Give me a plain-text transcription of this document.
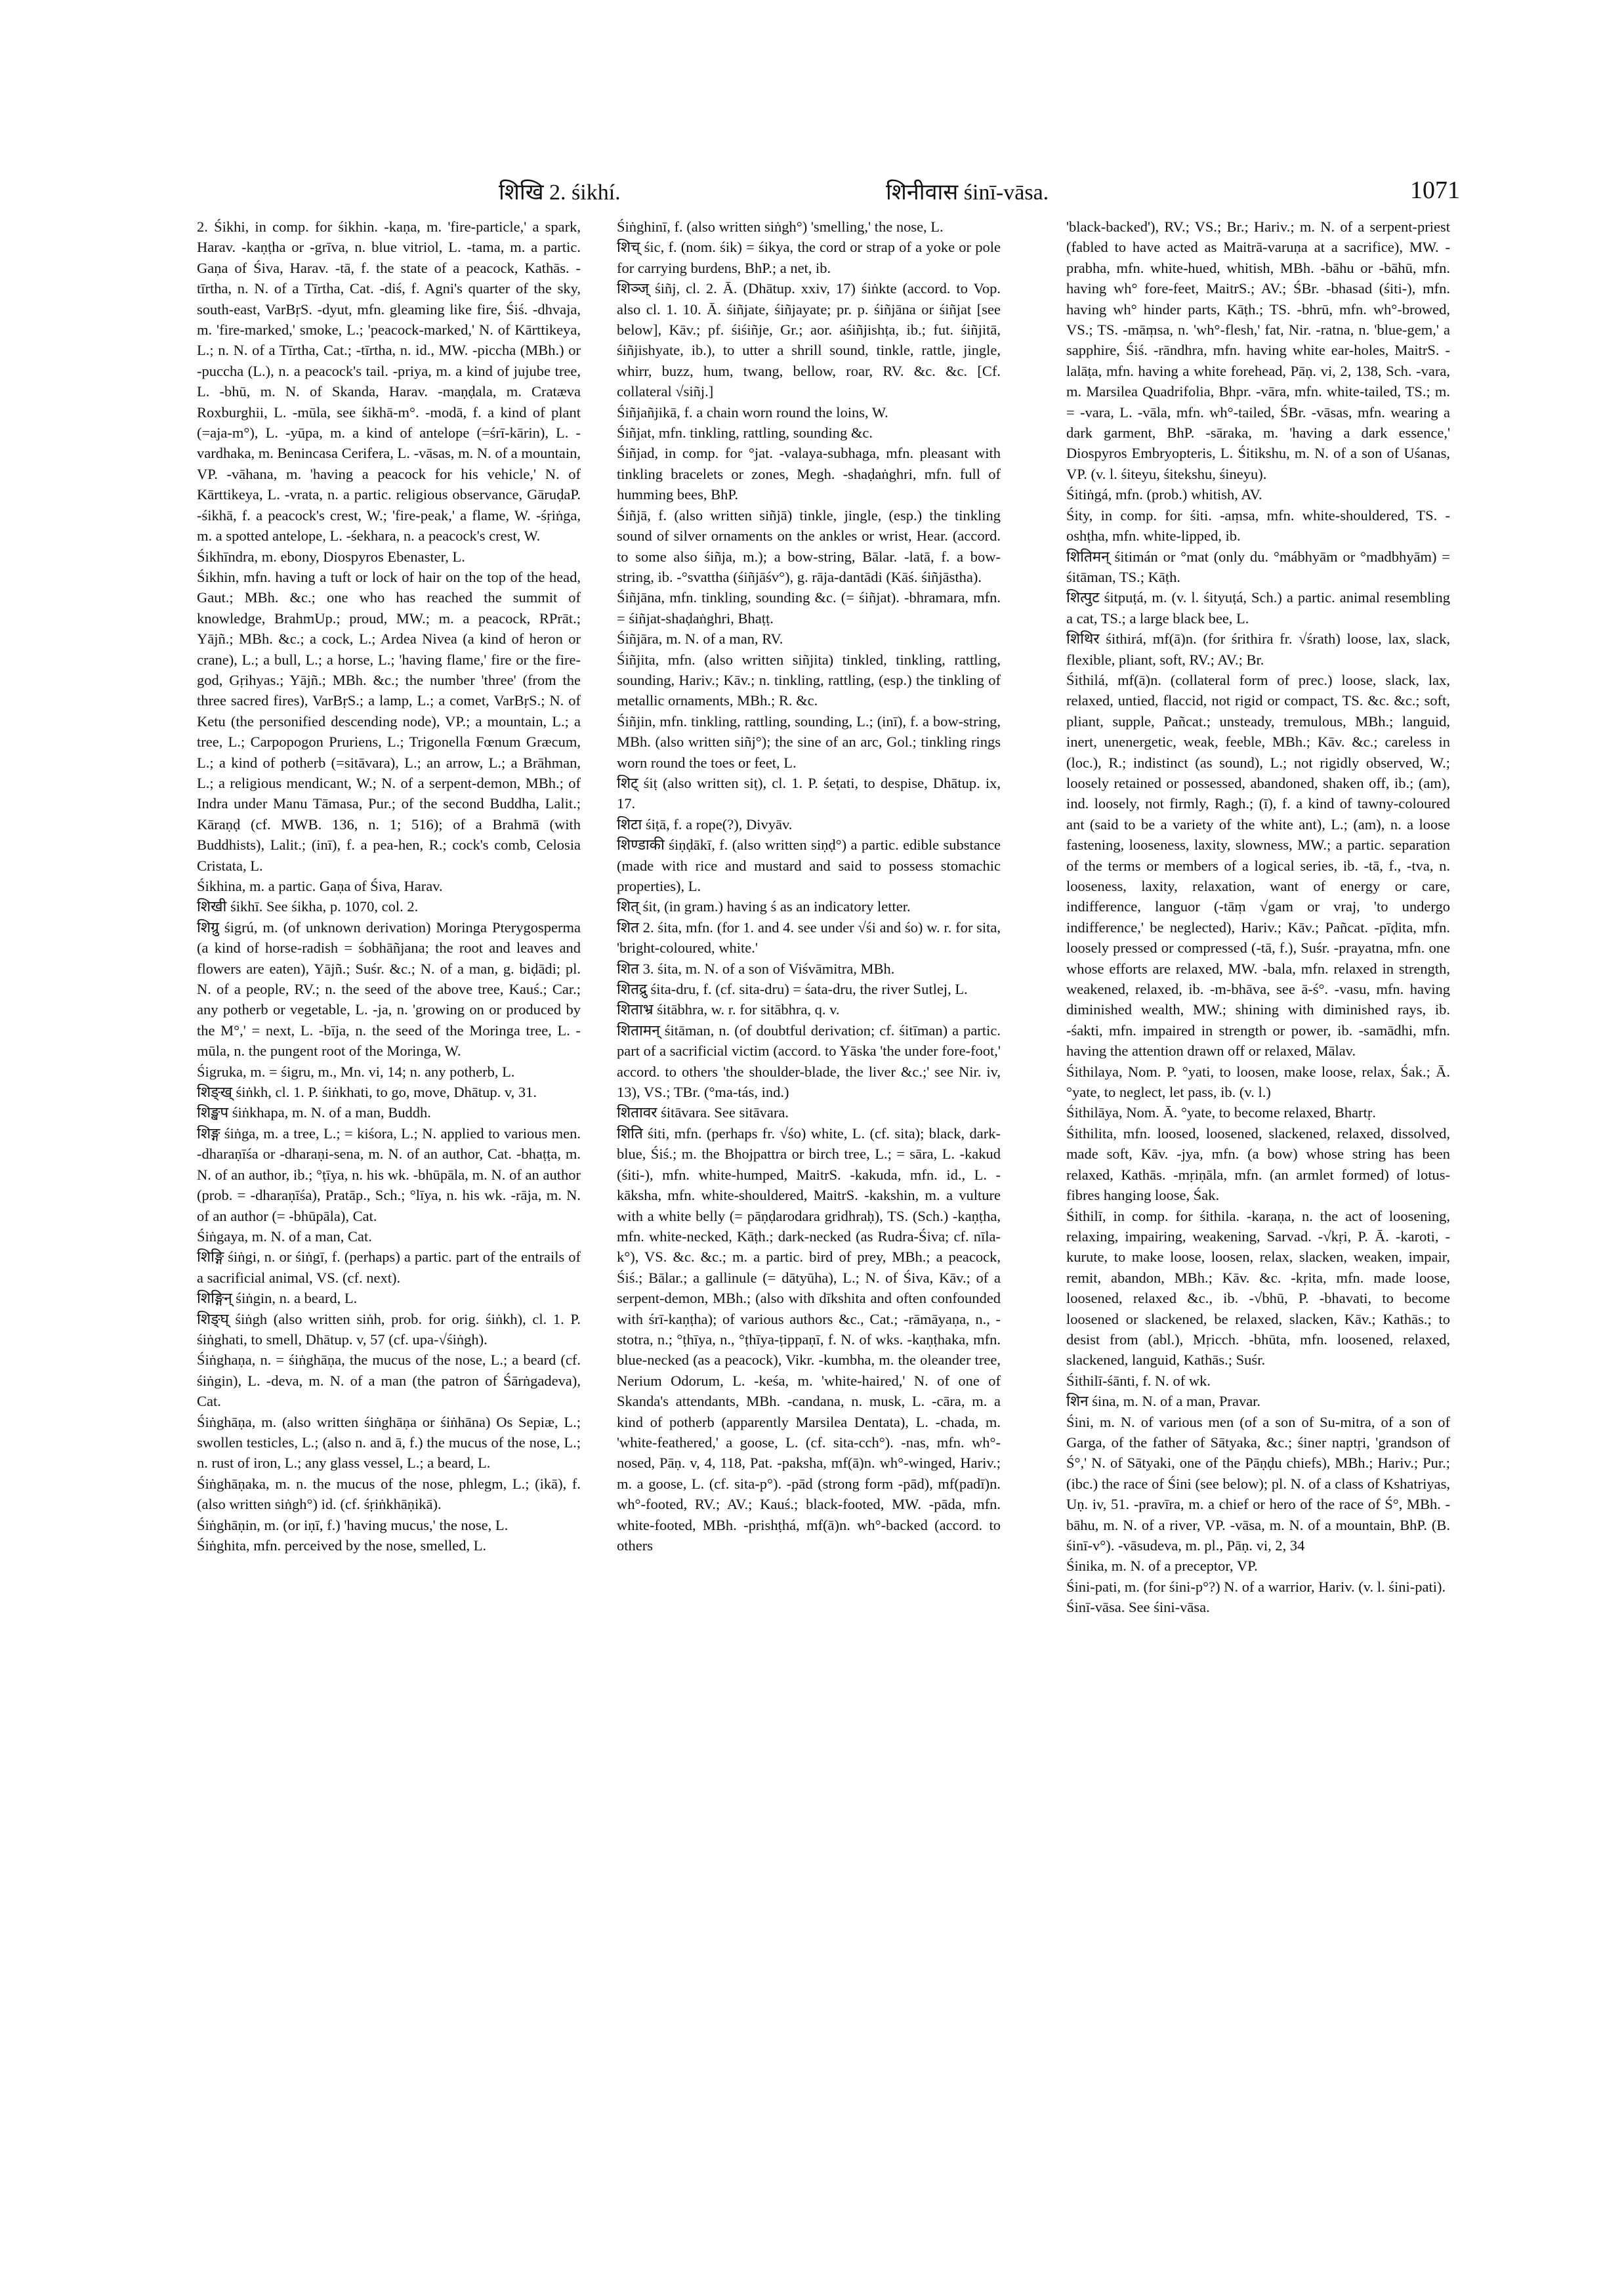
शिखि 2. śikhí.	शिनीवास śinī-vāsa.	1071

2. Śikhi, in comp. for śikhin. -kaṇa, m. 'fire-particle,' a spark, Harav. -kaṇṭha or -grīva, n. blue vitriol, L. -tama, m. a partic. Gaṇa of Śiva, Harav. -tā, f. the state of a peacock, Kathās. -tīrtha, n. N. of a Tīrtha, Cat. -diś, f. Agni's quarter of the sky, south-east, VarBṛS. -dyut, mfn. gleaming like fire, Śiś. -dhvaja, m. 'fire-marked,' smoke, L.; 'peacock-marked,' N. of Kārttikeya, L.; n. N. of a Tīrtha, Cat.; -tīrtha, n. id., MW. -piccha (MBh.) or -puccha (L.), n. a peacock's tail. -priya, m. a kind of jujube tree, L. -bhū, m. N. of Skanda, Harav. -maṇḍala, m. Cratæva Roxburghii, L. -mūla, see śikhā-m°. -modā, f. a kind of plant (=aja-m°), L. -yūpa, m. a kind of antelope (=śrī-kārin), L. -vardhaka, m. Benincasa Cerifera, L. -vāsas, m. N. of a mountain, VP. -vāhana, m. 'having a peacock for his vehicle,' N. of Kārttikeya, L. -vrata, n. a partic. religious observance, GāruḍaP. -śikhā, f. a peacock's crest, W.; 'fire-peak,' a flame, W. -śṛiṅga, m. a spotted antelope, L. -śekhara, n. a peacock's crest, W.

Śikhīndra, m. ebony, Diospyros Ebenaster, L.

Śikhin, mfn. having a tuft or lock of hair on the top of the head, Gaut.; MBh. &c.; one who has reached the summit of knowledge, BrahmUp.; proud, MW.; m. a peacock, RPrāt.; Yājñ.; MBh. &c.; a cock, L.; Ardea Nivea (a kind of heron or crane), L.; a bull, L.; a horse, L.; 'having flame,' fire or the fire-god, Gṛihyas.; Yājñ.; MBh. &c.; the number 'three' (from the three sacred fires), VarBṛS.; a lamp, L.; a comet, VarBṛS.; N. of Ketu (the personified descending node), VP.; a mountain, L.; a tree, L.; Carpopogon Pruriens, L.; Trigonella Fœnum Græcum, L.; a kind of potherb (=sitāvara), L.; an arrow, L.; a Brāhman, L.; a religious mendicant, W.; N. of a serpent-demon, MBh.; of Indra under Manu Tāmasa, Pur.; of the second Buddha, Lalit.; Kāraṇḍ (cf. MWB. 136, n. 1; 516); of a Brahmā (with Buddhists), Lalit.; (inī), f. a pea-hen, R.; cock's comb, Celosia Cristata, L.

Śikhina, m. a partic. Gaṇa of Śiva, Harav.

शिखी śikhī. See śikha, p. 1070, col. 2.

शिग्रु śigrú, m. (of unknown derivation) Moringa Pterygosperma (a kind of horse-radish = śobhāñjana; the root and leaves and flowers are eaten), Yājñ.; Suśr. &c.; N. of a man, g. biḍādi; pl. N. of a people, RV.; n. the seed of the above tree, Kauś.; Car.; any potherb or vegetable, L. -ja, n. 'growing on or produced by the M°,' = next, L. -bīja, n. the seed of the Moringa tree, L. -mūla, n. the pungent root of the Moringa, W.

Śigruka, m. = śigru, m., Mn. vi, 14; n. any potherb, L.

शिङ्ख् śiṅkh, cl. 1. P. śiṅkhati, to go, move, Dhātup. v, 31.

शिङ्खप śiṅkhapa, m. N. of a man, Buddh.

शिङ्ग śiṅga, m. a tree, L.; = kiśora, L.; N. applied to various men. -dharaṇīśa or -dharaṇi-sena, m. N. of an author, Cat. -bhaṭṭa, m. N. of an author, ib.; °ṭīya, n. his wk. -bhūpāla, m. N. of an author (prob. = -dharaṇīśa), Pratāp., Sch.; °līya, n. his wk. -rāja, m. N. of an author (= -bhūpāla), Cat.

Śiṅgaya, m. N. of a man, Cat.

शिङ्गि śiṅgi, n. or śiṅgī, f. (perhaps) a partic. part of the entrails of a sacrificial animal, VS. (cf. next).

शिङ्गिन् śiṅgin, n. a beard, L.

शिङ्घ् śiṅgh (also written siṅh, prob. for orig. śiṅkh), cl. 1. P. śiṅghati, to smell, Dhātup. v, 57 (cf. upa-√śiṅgh).

Śiṅghaṇa, n. = śiṅghāṇa, the mucus of the nose, L.; a beard (cf. śiṅgin), L. -deva, m. N. of a man (the patron of Śārṅgadeva), Cat.

Śiṅghāṇa, m. (also written śiṅghāṇa or śiṅhāna) Os Sepiæ, L.; swollen testicles, L.; (also n. and ā, f.) the mucus of the nose, L.; n. rust of iron, L.; any glass vessel, L.; a beard, L.

Śiṅghāṇaka, m. n. the mucus of the nose, phlegm, L.; (ikā), f. (also written siṅgh°) id. (cf. śṛiṅkhāṇikā).

Śiṅghāṇin, m. (or iṇī, f.) 'having mucus,' the nose, L.

Śiṅghita, mfn. perceived by the nose, smelled, L.

Śiṅghinī, f. (also written siṅgh°) 'smelling,' the nose, L.

शिच् śic, f. (nom. śik) = śikya, the cord or strap of a yoke or pole for carrying burdens, BhP.; a net, ib.

शिञ्ज् śiñj, cl. 2. Ā. (Dhātup. xxiv, 17) śiṅkte (accord. to Vop. also cl. 1. 10. Ā. śiñjate, śiñjayate; pr. p. śiñjāna or śiñjat [see below], Kāv.; pf. śiśiñje, Gr.; aor. aśiñjishṭa, ib.; fut. śiñjitā, śiñjishyate, ib.), to utter a shrill sound, tinkle, rattle, jingle, whirr, buzz, hum, twang, bellow, roar, RV. &c. &c. [Cf. collateral √siñj.]

Śiñjañjikā, f. a chain worn round the loins, W.

Śiñjat, mfn. tinkling, rattling, sounding &c.

Śiñjad, in comp. for °jat. -valaya-subhaga, mfn. pleasant with tinkling bracelets or zones, Megh. -shaḍaṅghri, mfn. full of humming bees, BhP.

Śiñjā, f. (also written siñjā) tinkle, jingle, (esp.) the tinkling sound of silver ornaments on the ankles or wrist, Hear. (accord. to some also śiñja, m.); a bow-string, Bālar. -latā, f. a bow-string, ib. -°svattha (śiñjāśv°), g. rāja-dantādi (Kāś. śiñjāstha).

Śiñjāna, mfn. tinkling, sounding &c. (= śiñjat). -bhramara, mfn. = śiñjat-shaḍaṅghri, Bhaṭṭ.

Śiñjāra, m. N. of a man, RV.

Śiñjita, mfn. (also written siñjita) tinkled, tinkling, rattling, sounding, Hariv.; Kāv.; n. tinkling, rattling, (esp.) the tinkling of metallic ornaments, MBh.; R. &c.

Śiñjin, mfn. tinkling, rattling, sounding, L.; (inī), f. a bow-string, MBh. (also written siñj°); the sine of an arc, Gol.; tinkling rings worn round the toes or feet, L.

शिट् śiṭ (also written siṭ), cl. 1. P. śeṭati, to despise, Dhātup. ix, 17.

शिटा śiṭā, f. a rope(?), Divyāv.

शिण्डाकी śiṇḍākī, f. (also written siṇḍ°) a partic. edible substance (made with rice and mustard and said to possess stomachic properties), L.

शित् śit, (in gram.) having ś as an indicatory letter.

शित 2. śita, mfn. (for 1. and 4. see under √śi and śo) w. r. for sita, 'bright-coloured, white.'

शित 3. śita, m. N. of a son of Viśvāmitra, MBh.

शितद्रु śita-dru, f. (cf. sita-dru) = śata-dru, the river Sutlej, L.

शिताभ्र śitābhra, w. r. for sitābhra, q. v.

शितामन् śitāman, n. (of doubtful derivation; cf. śitīman) a partic. part of a sacrificial victim (accord. to Yāska 'the under fore-foot,' accord. to others 'the shoulder-blade, the liver &c.;' see Nir. iv, 13), VS.; TBr. (°ma-tás, ind.)

शितावर śitāvara. See sitāvara.

शिति śiti, mfn. (perhaps fr. √śo) white, L. (cf. sita); black, dark-blue, Śiś.; m. the Bhojpattra or birch tree, L.; = sāra, L. -kakud (śiti-), mfn. white-humped, MaitrS. -kakuda, mfn. id., L. -kāksha, mfn. white-shouldered, MaitrS. -kakshin, m. a vulture with a white belly (= pāṇḍarodara gridhraḥ), TS. (Sch.) -kaṇṭha, mfn. white-necked, Kāṭh.; dark-necked (as Rudra-Śiva; cf. nīla-k°), VS. &c. &c.; m. a partic. bird of prey, MBh.; a peacock, Śiś.; Bālar.; a gallinule (= dātyūha), L.; N. of Śiva, Kāv.; of a serpent-demon, MBh.; (also with dīkshita and often confounded with śrī-kaṇṭha); of various authors &c., Cat.; -rāmāyaṇa, n., -stotra, n.; °ṭhīya, n., °ṭhīya-ṭippaṇī, f. N. of wks. -kaṇṭhaka, mfn. blue-necked (as a peacock), Vikr. -kumbha, m. the oleander tree, Nerium Odorum, L. -keśa, m. 'white-haired,' N. of one of Skanda's attendants, MBh. -candana, n. musk, L. -cāra, m. a kind of potherb (apparently Marsilea Dentata), L. -chada, m. 'white-feathered,' a goose, L. (cf. sita-cch°). -nas, mfn. wh°-nosed, Pāṇ. v, 4, 118, Pat. -paksha, mf(ā)n. wh°-winged, Hariv.; m. a goose, L. (cf. sita-p°). -pād (strong form -pād), mf(padī)n. wh°-footed, RV.; AV.; Kauś.; black-footed, MW. -pāda, mfn. white-footed, MBh. -prishṭhá, mf(ā)n. wh°-backed (accord. to others

'black-backed'), RV.; VS.; Br.; Hariv.; m. N. of a serpent-priest (fabled to have acted as Maitrā-varuṇa at a sacrifice), MW. -prabha, mfn. white-hued, whitish, MBh. -bāhu or -bāhū, mfn. having wh° fore-feet, MaitrS.; AV.; ŚBr. -bhasad (śiti-), mfn. having wh° hinder parts, Kāṭh.; TS. -bhrū, mfn. wh°-browed, VS.; TS. -māṃsa, n. 'wh°-flesh,' fat, Nir. -ratna, n. 'blue-gem,' a sapphire, Śiś. -rāndhra, mfn. having white ear-holes, MaitrS. -lalāṭa, mfn. having a white forehead, Pāṇ. vi, 2, 138, Sch. -vara, m. Marsilea Quadrifolia, Bhpr. -vāra, mfn. white-tailed, TS.; m. = -vara, L. -vāla, mfn. wh°-tailed, ŚBr. -vāsas, mfn. wearing a dark garment, BhP. -sāraka, m. 'having a dark essence,' Diospyros Embryopteris, L. Śitikshu, m. N. of a son of Uśanas, VP. (v. l. śiteyu, śitekshu, śineyu).

Śitiṅgá, mfn. (prob.) whitish, AV.

Śity, in comp. for śiti. -aṃsa, mfn. white-shouldered, TS. -oshṭha, mfn. white-lipped, ib.

शितिमन् śitimán or °mat (only du. °mábhyām or °madbhyām) = śitāman, TS.; Kāṭh.

शित्पुट śitpuṭá, m. (v. l. śityuṭá, Sch.) a partic. animal resembling a cat, TS.; a large black bee, L.

शिथिर śithirá, mf(ā)n. (for śrithira fr. √śrath) loose, lax, slack, flexible, pliant, soft, RV.; AV.; Br.

Śithilá, mf(ā)n. (collateral form of prec.) loose, slack, lax, relaxed, untied, flaccid, not rigid or compact, TS. &c. &c.; soft, pliant, supple, Pañcat.; unsteady, tremulous, MBh.; languid, inert, unenergetic, weak, feeble, MBh.; Kāv. &c.; careless in (loc.), R.; indistinct (as sound), L.; not rigidly observed, W.; loosely retained or possessed, abandoned, shaken off, ib.; (am), ind. loosely, not firmly, Ragh.; (ī), f. a kind of tawny-coloured ant (said to be a variety of the white ant), L.; (am), n. a loose fastening, looseness, laxity, slowness, MW.; a partic. separation of the terms or members of a logical series, ib. -tā, f., -tva, n. looseness, laxity, relaxation, want of energy or care, indifference, languor (-tāṃ √gam or vraj, 'to undergo indifference,' be neglected), Hariv.; Kāv.; Pañcat. -pīḍita, mfn. loosely pressed or compressed (-tā, f.), Suśr. -prayatna, mfn. one whose efforts are relaxed, MW. -bala, mfn. relaxed in strength, weakened, relaxed, ib. -m-bhāva, see ā-ś°. -vasu, mfn. having diminished wealth, MW.; shining with diminished rays, ib. -śakti, mfn. impaired in strength or power, ib. -samādhi, mfn. having the attention drawn off or relaxed, Mālav.

Śithilaya, Nom. P. °yati, to loosen, make loose, relax, Śak.; Ā. °yate, to neglect, let pass, ib. (v. l.)

Śithilāya, Nom. Ā. °yate, to become relaxed, Bhartṛ.

Śithilita, mfn. loosed, loosened, slackened, relaxed, dissolved, made soft, Kāv. -jya, mfn. (a bow) whose string has been relaxed, Kathās. -mṛiṇāla, mfn. (an armlet formed) of lotus-fibres hanging loose, Śak.

Śithilī, in comp. for śithila. -karaṇa, n. the act of loosening, relaxing, impairing, weakening, Sarvad. -√kṛi, P. Ā. -karoti, -kurute, to make loose, loosen, relax, slacken, weaken, impair, remit, abandon, MBh.; Kāv. &c. -kṛita, mfn. made loose, loosened, relaxed &c., ib. -√bhū, P. -bhavati, to become loosened or slackened, be relaxed, slacken, Kāv.; Kathās.; to desist from (abl.), Mṛicch. -bhūta, mfn. loosened, relaxed, slackened, languid, Kathās.; Suśr.

Śithilī-śānti, f. N. of wk.

शिन śina, m. N. of a man, Pravar.

Śini, m. N. of various men (of a son of Su-mitra, of a son of Garga, of the father of Sātyaka, &c.; śiner naptṛi, 'grandson of Ś°,' N. of Sātyaki, one of the Pāṇḍu chiefs), MBh.; Hariv.; Pur.; (ibc.) the race of Śini (see below); pl. N. of a class of Kshatriyas, Uṇ. iv, 51. -pravīra, m. a chief or hero of the race of Ś°, MBh. -bāhu, m. N. of a river, VP. -vāsa, m. N. of a mountain, BhP. (B. śinī-v°). -vāsudeva, m. pl., Pāṇ. vi, 2, 34

Śinika, m. N. of a preceptor, VP.

Śini-pati, m. (for śini-p°?) N. of a warrior, Hariv. (v. l. śini-pati).

Śinī-vāsa. See śini-vāsa.
